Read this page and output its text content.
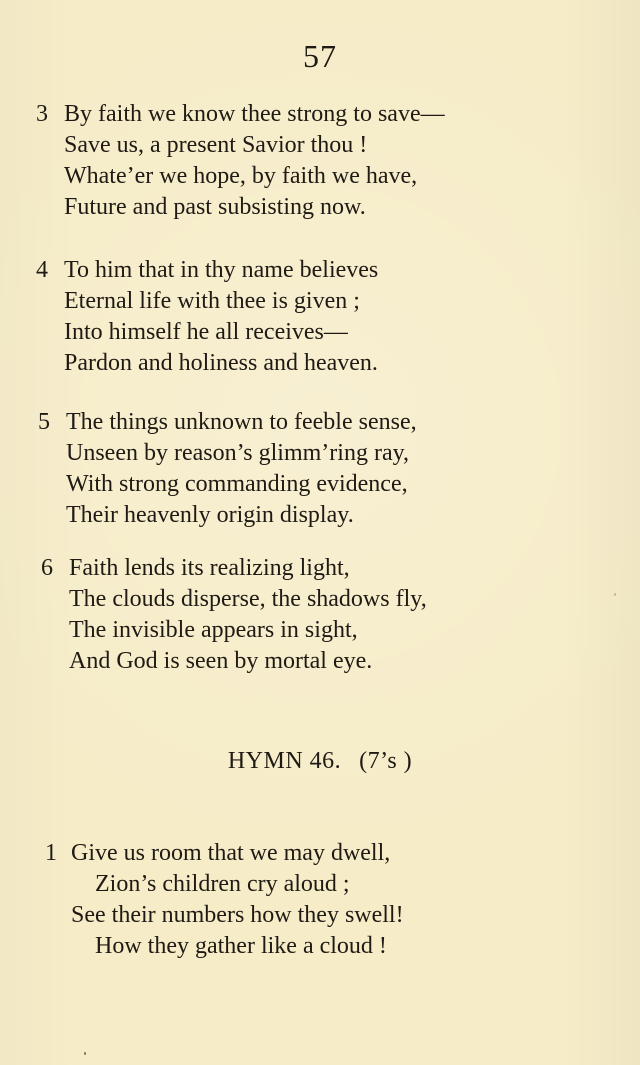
57
3 By faith we know thee strong to save—
Save us, a present Savior thou !
Whate’er we hope, by faith we have,
Future and past subsisting now.
4 To him that in thy name believes
Eternal life with thee is given ;
Into himself he all receives—
Pardon and holiness and heaven.
5 The things unknown to feeble sense,
Unseen by reason’s glimm’ring ray,
With strong commanding evidence,
Their heavenly origin display.
6 Faith lends its realizing light,
The clouds disperse, the shadows fly,
The invisible appears in sight,
And God is seen by mortal eye.
HYMN 46. (7’s )
1 Give us room that we may dwell,
Zion’s children cry aloud ;
See their numbers how they swell!
How they gather like a cloud !
